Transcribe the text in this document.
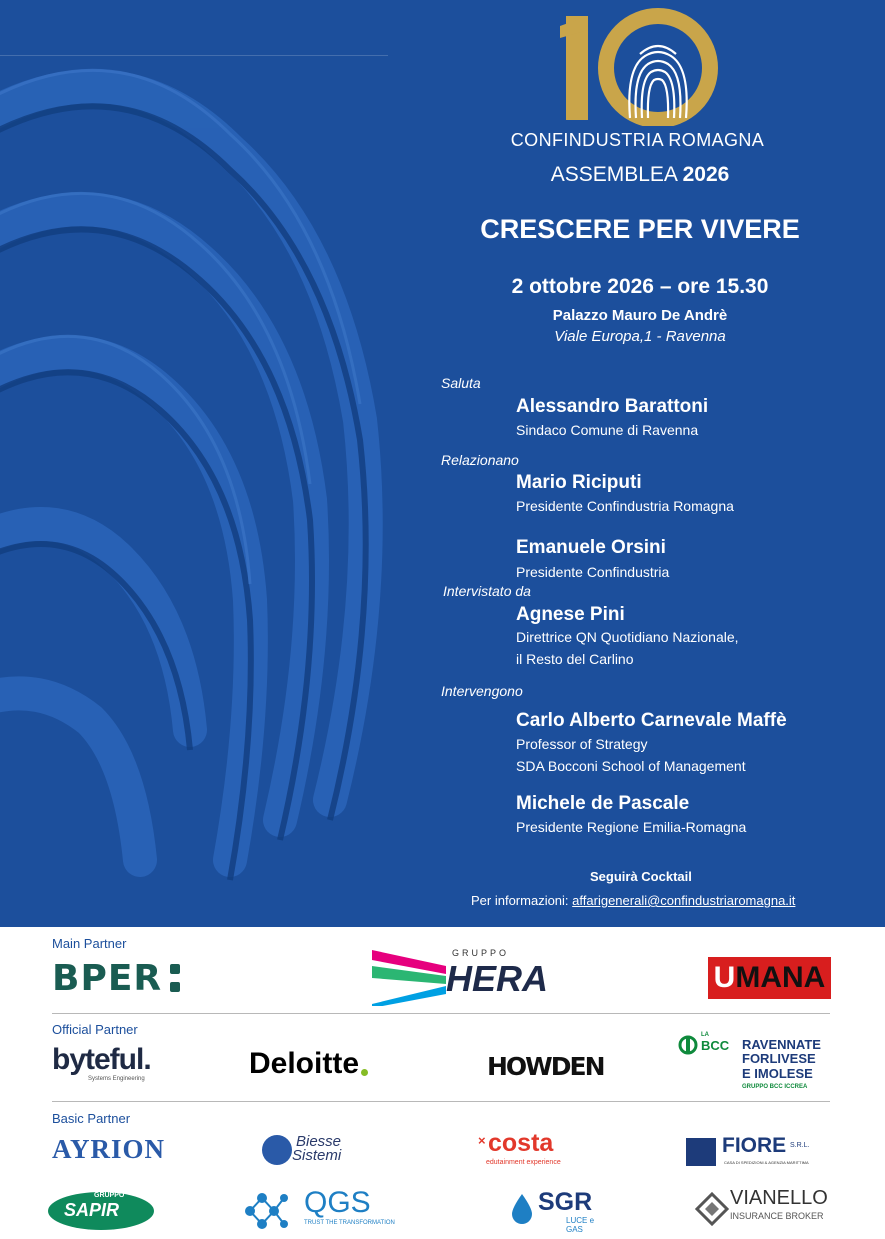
CONFINDUSTRIA ROMAGNA
ASSEMBLEA 2026
CRESCERE PER VIVERE
2 ottobre 2026 – ore 15.30
Palazzo Mauro De Andrè
Viale Europa,1 - Ravenna
Saluta
Alessandro Barattoni
Sindaco Comune di Ravenna
Relazionano
Mario Riciputi
Presidente Confindustria Romagna
Emanuele Orsini
Presidente Confindustria
Intervistato da
Agnese Pini
Direttrice QN Quotidiano Nazionale,
il Resto del Carlino
Intervengono
Carlo Alberto Carnevale Maffè
Professor of Strategy
SDA Bocconi School of Management
Michele de Pascale
Presidente Regione Emilia-Romagna
Seguirà Cocktail
Per informazioni: affarigenerali@confindustriaromagna.it
Main Partner
BPER
GRUPPO
HERA	U MANA
Official Partner
byteful.
Systems Engineering	Deloitte	HOWDEN
LA
BCC RAVENNATE
FORLIVESE
E IMOLESE
GRUPPO BCC ICCREA
Basic Partner
AYRION	Biesse
Sistemi
× costa
edutainment experience
FIORE S.R.L.
CASA DI SPEDIZIONI & AGENZIA MARITTIMA
GRUPPO
SAPIR	QGS
TRUST THE TRANSFORMATION
SGR
LUCE e GAS
VIANELLO
INSURANCE BROKER
